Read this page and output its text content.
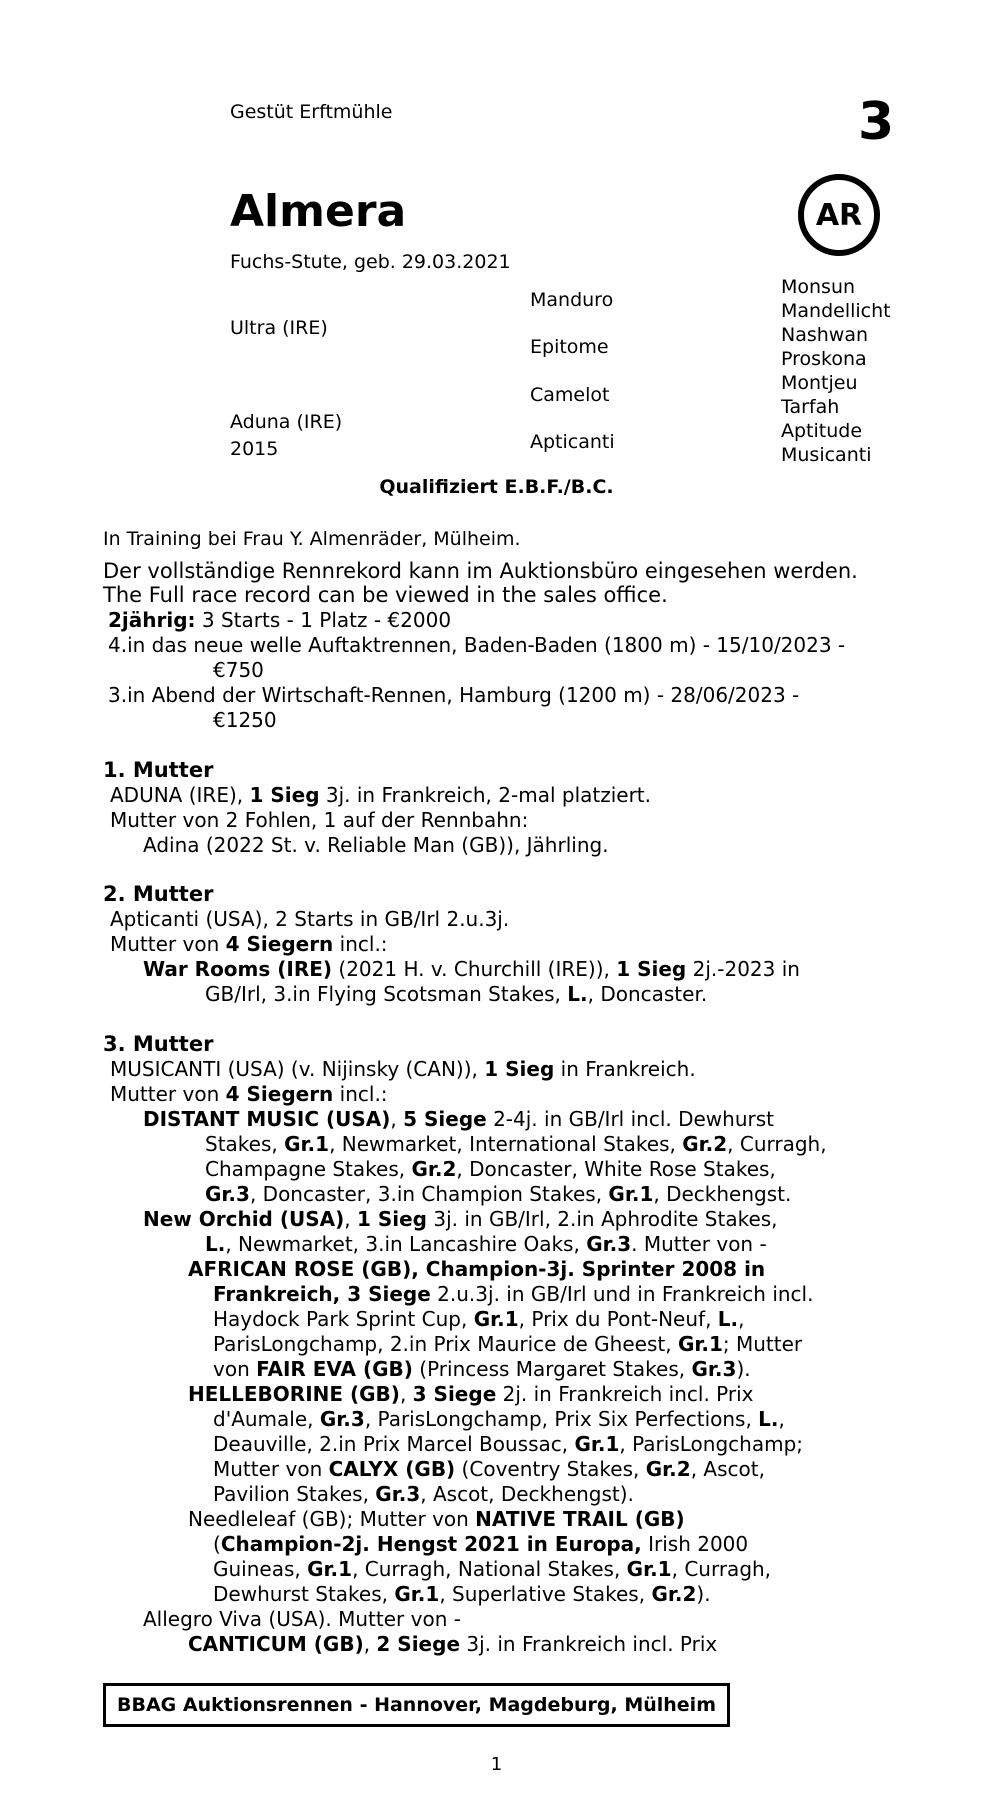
Gestüt Erftmühle	3
Almera
Fuchs-Stute, geb. 29.03.2021
AR
Ultra (IRE)
Aduna (IRE)
2015
Manduro
Epitome
Camelot
Apticanti
Monsun
Mandellicht
Nashwan
Proskona
Montjeu
Tarfah
Aptitude
Musicanti
Qualifiziert E.B.F./B.C.
In Training bei Frau Y. Almenräder, Mülheim.
Der vollständige Rennrekord kann im Auktionsbüro eingesehen werden.
The Full race record can be viewed in the sales office.
2jährig: 3 Starts - 1 Platz - €2000
4.in das neue welle Auftaktrennen, Baden-Baden (1800 m) - 15/10/2023 -
€750
3.in Abend der Wirtschaft-Rennen, Hamburg (1200 m) - 28/06/2023 -
€1250
1. Mutter
ADUNA (IRE), 1 Sieg 3j. in Frankreich, 2-mal platziert.
Mutter von 2 Fohlen, 1 auf der Rennbahn:
Adina (2022 St. v. Reliable Man (GB)), Jährling.
2. Mutter
Apticanti (USA), 2 Starts in GB/Irl 2.u.3j.
Mutter von 4 Siegern incl.:
War Rooms (IRE) (2021 H. v. Churchill (IRE)), 1 Sieg 2j.-2023 in
GB/Irl, 3.in Flying Scotsman Stakes, L., Doncaster.
3. Mutter
MUSICANTI (USA) (v. Nijinsky (CAN)), 1 Sieg in Frankreich.
Mutter von 4 Siegern incl.:
DISTANT MUSIC (USA), 5 Siege 2-4j. in GB/Irl incl. Dewhurst
Stakes, Gr.1, Newmarket, International Stakes, Gr.2, Curragh,
Champagne Stakes, Gr.2, Doncaster, White Rose Stakes,
Gr.3, Doncaster, 3.in Champion Stakes, Gr.1, Deckhengst.
New Orchid (USA), 1 Sieg 3j. in GB/Irl, 2.in Aphrodite Stakes,
L., Newmarket, 3.in Lancashire Oaks, Gr.3. Mutter von -
AFRICAN ROSE (GB), Champion-3j. Sprinter 2008 in
Frankreich, 3 Siege 2.u.3j. in GB/Irl und in Frankreich incl.
Haydock Park Sprint Cup, Gr.1, Prix du Pont-Neuf, L.,
ParisLongchamp, 2.in Prix Maurice de Gheest, Gr.1; Mutter
von FAIR EVA (GB) (Princess Margaret Stakes, Gr.3).
HELLEBORINE (GB), 3 Siege 2j. in Frankreich incl. Prix
d'Aumale, Gr.3, ParisLongchamp, Prix Six Perfections, L.,
Deauville, 2.in Prix Marcel Boussac, Gr.1, ParisLongchamp;
Mutter von CALYX (GB) (Coventry Stakes, Gr.2, Ascot,
Pavilion Stakes, Gr.3, Ascot, Deckhengst).
Needleleaf (GB); Mutter von NATIVE TRAIL (GB)
(Champion-2j. Hengst 2021 in Europa, Irish 2000
Guineas, Gr.1, Curragh, National Stakes, Gr.1, Curragh,
Dewhurst Stakes, Gr.1, Superlative Stakes, Gr.2).
Allegro Viva (USA). Mutter von -
CANTICUM (GB), 2 Siege 3j. in Frankreich incl. Prix
BBAG Auktionsrennen - Hannover, Magdeburg, Mülheim
1
